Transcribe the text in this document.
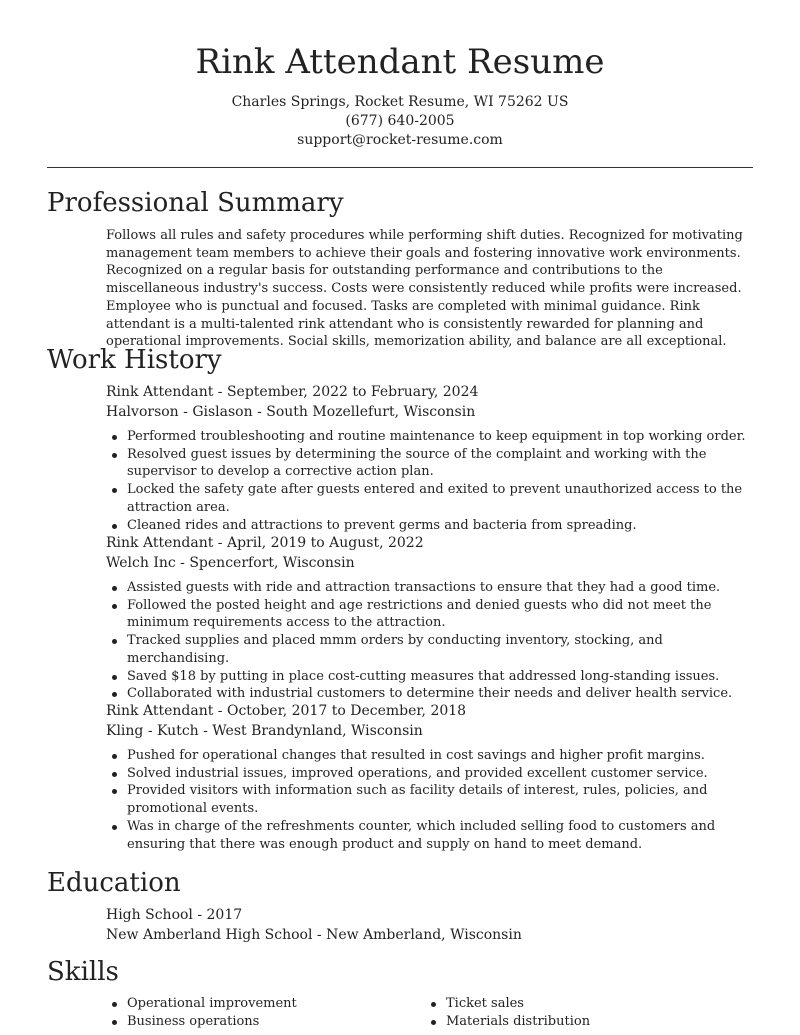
Rink Attendant Resume
Charles Springs, Rocket Resume, WI 75262 US
(677) 640-2005
support@rocket-resume.com
Professional Summary

Follows all rules and safety procedures while performing shift duties. Recognized for motivating management team members to achieve their goals and fostering innovative work environments. Recognized on a regular basis for outstanding performance and contributions to the miscellaneous industry's success. Costs were consistently reduced while profits were increased. Employee who is punctual and focused. Tasks are completed with minimal guidance. Rink attendant is a multi-talented rink attendant who is consistently rewarded for planning and operational improvements. Social skills, memorization ability, and balance are all exceptional.

Work History
Rink Attendant - September, 2022 to February, 2024
Halvorson - Gislason - South Mozellefurt, Wisconsin
Performed troubleshooting and routine maintenance to keep equipment in top working order.
Resolved guest issues by determining the source of the complaint and working with the supervisor to develop a corrective action plan.
Locked the safety gate after guests entered and exited to prevent unauthorized access to the attraction area.
Cleaned rides and attractions to prevent germs and bacteria from spreading.
Rink Attendant - April, 2019 to August, 2022
Welch Inc - Spencerfort, Wisconsin
Assisted guests with ride and attraction transactions to ensure that they had a good time.
Followed the posted height and age restrictions and denied guests who did not meet the minimum requirements access to the attraction.
Tracked supplies and placed mmm orders by conducting inventory, stocking, and merchandising.
Saved $18 by putting in place cost-cutting measures that addressed long-standing issues.
Collaborated with industrial customers to determine their needs and deliver health service.
Rink Attendant - October, 2017 to December, 2018
Kling - Kutch - West Brandynland, Wisconsin
Pushed for operational changes that resulted in cost savings and higher profit margins.
Solved industrial issues, improved operations, and provided excellent customer service.
Provided visitors with information such as facility details of interest, rules, policies, and promotional events.
Was in charge of the refreshments counter, which included selling food to customers and ensuring that there was enough product and supply on hand to meet demand.
Education
High School - 2017
New Amberland High School - New Amberland, Wisconsin
Skills
Operational improvement
Business operations
Ticket sales
Materials distribution
